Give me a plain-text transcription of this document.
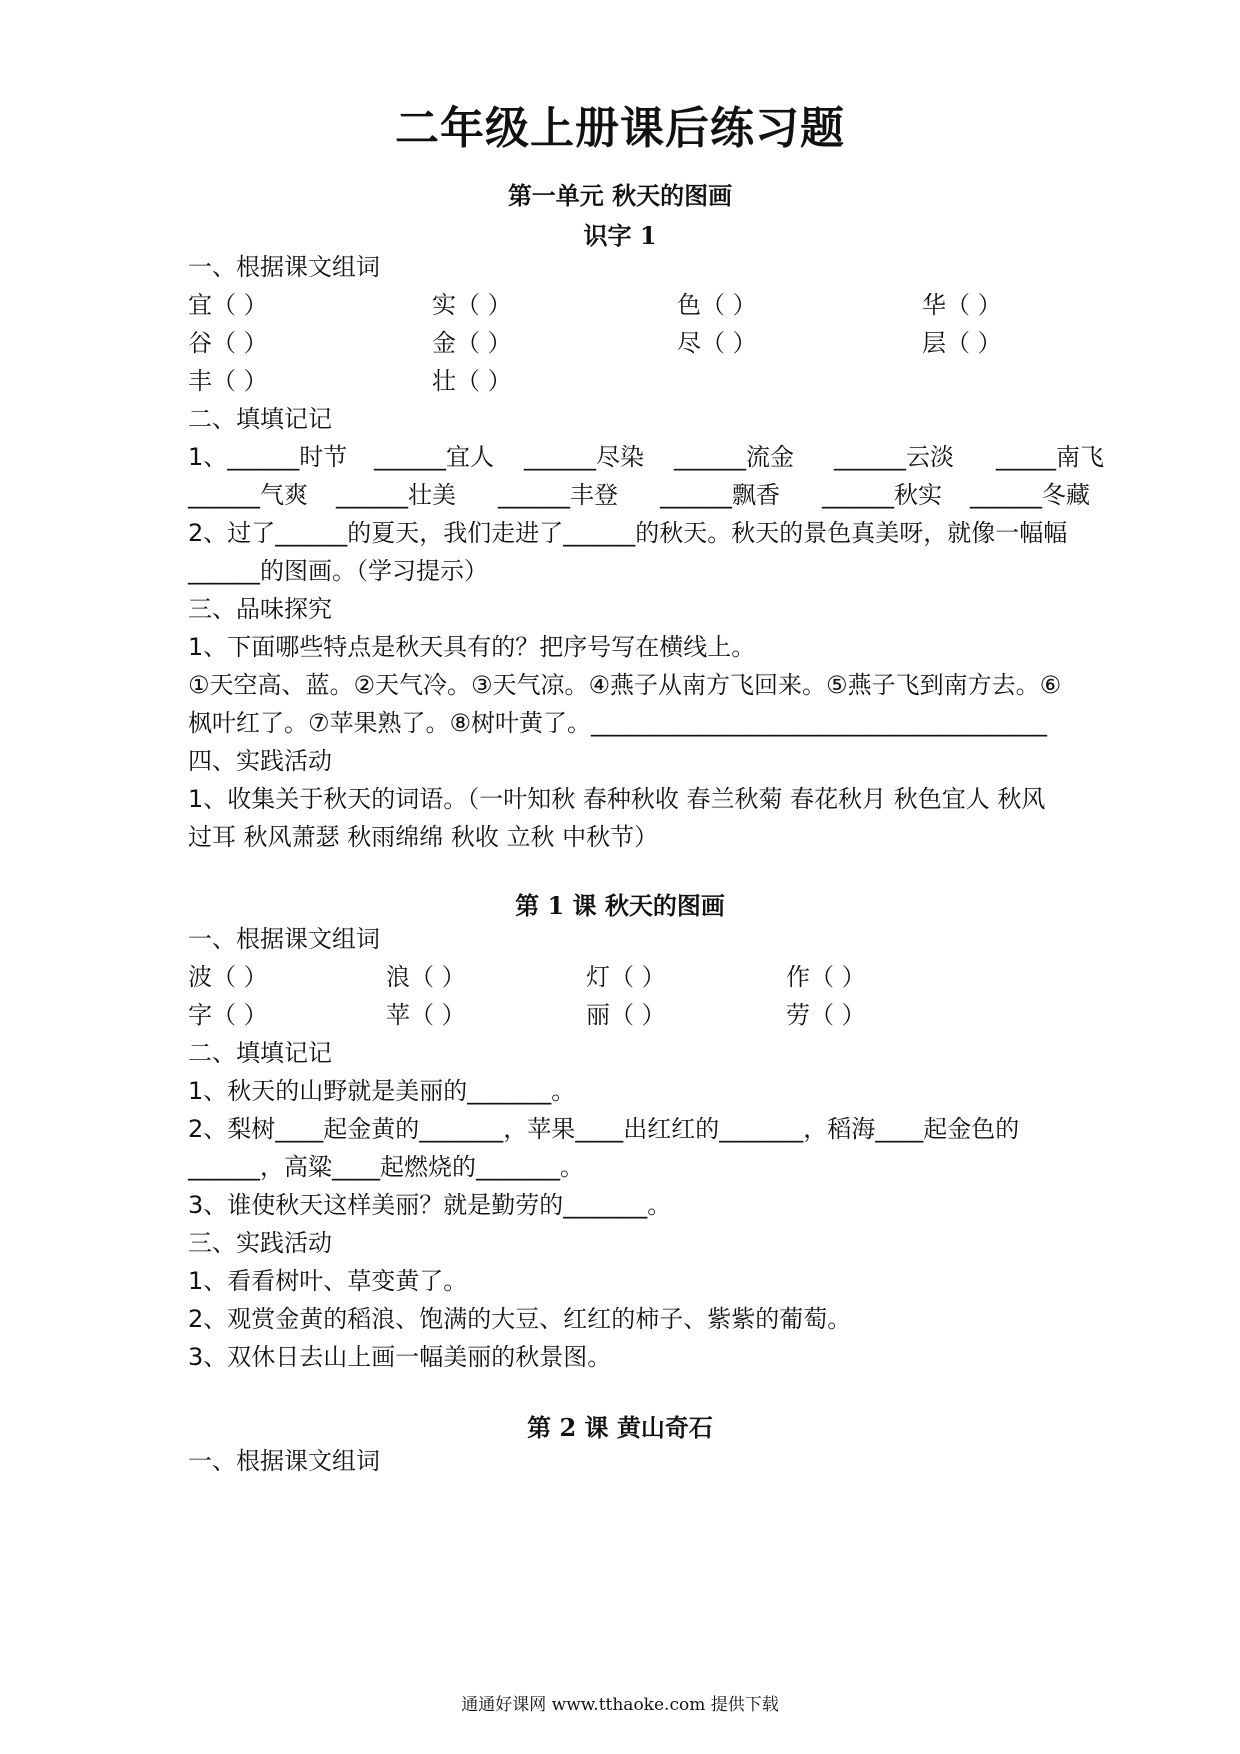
二年级上册课后练习题
第一单元 秋天的图画
识字 1
一、根据课文组词
宜（ ）	实（ ）	色（ ）	华（ ）
谷（ ）	金（ ）	尽（ ）	层（ ）
丰（ ）	壮（ ）
二、填填记记
1、______时节 ______宜人 ______尽染 ______流金 ______云淡 _____南飞
______气爽 ______壮美 ______丰登 ______飘香 ______秋实 ______冬藏
2、过了______的夏天，我们走进了______的秋天。秋天的景色真美呀，就像一幅幅
______的图画。（学习提示）
三、品味探究
1、下面哪些特点是秋天具有的？把序号写在横线上。
①天空高、蓝。②天气冷。③天气凉。④燕子从南方飞回来。⑤燕子飞到南方去。⑥
枫叶红了。⑦苹果熟了。⑧树叶黄了。______________________________________
四、实践活动
1、收集关于秋天的词语。（一叶知秋 春种秋收 春兰秋菊 春花秋月 秋色宜人 秋风
过耳 秋风萧瑟 秋雨绵绵 秋收 立秋 中秋节）
第 1 课 秋天的图画
一、根据课文组词
波（ ）	浪（ ）	灯（ ）	作（ ）
字（ ）	苹（ ）	丽（ ）	劳（ ）
二、填填记记
1、秋天的山野就是美丽的_______。
2、梨树____起金黄的_______，苹果____出红红的_______，稻海____起金色的
______，高粱____起燃烧的_______。
3、谁使秋天这样美丽？就是勤劳的_______。
三、实践活动
1、看看树叶、草变黄了。
2、观赏金黄的稻浪、饱满的大豆、红红的柿子、紫紫的葡萄。
3、双休日去山上画一幅美丽的秋景图。
第 2 课 黄山奇石
一、根据课文组词
通通好课网 www.tthaoke.com 提供下载
